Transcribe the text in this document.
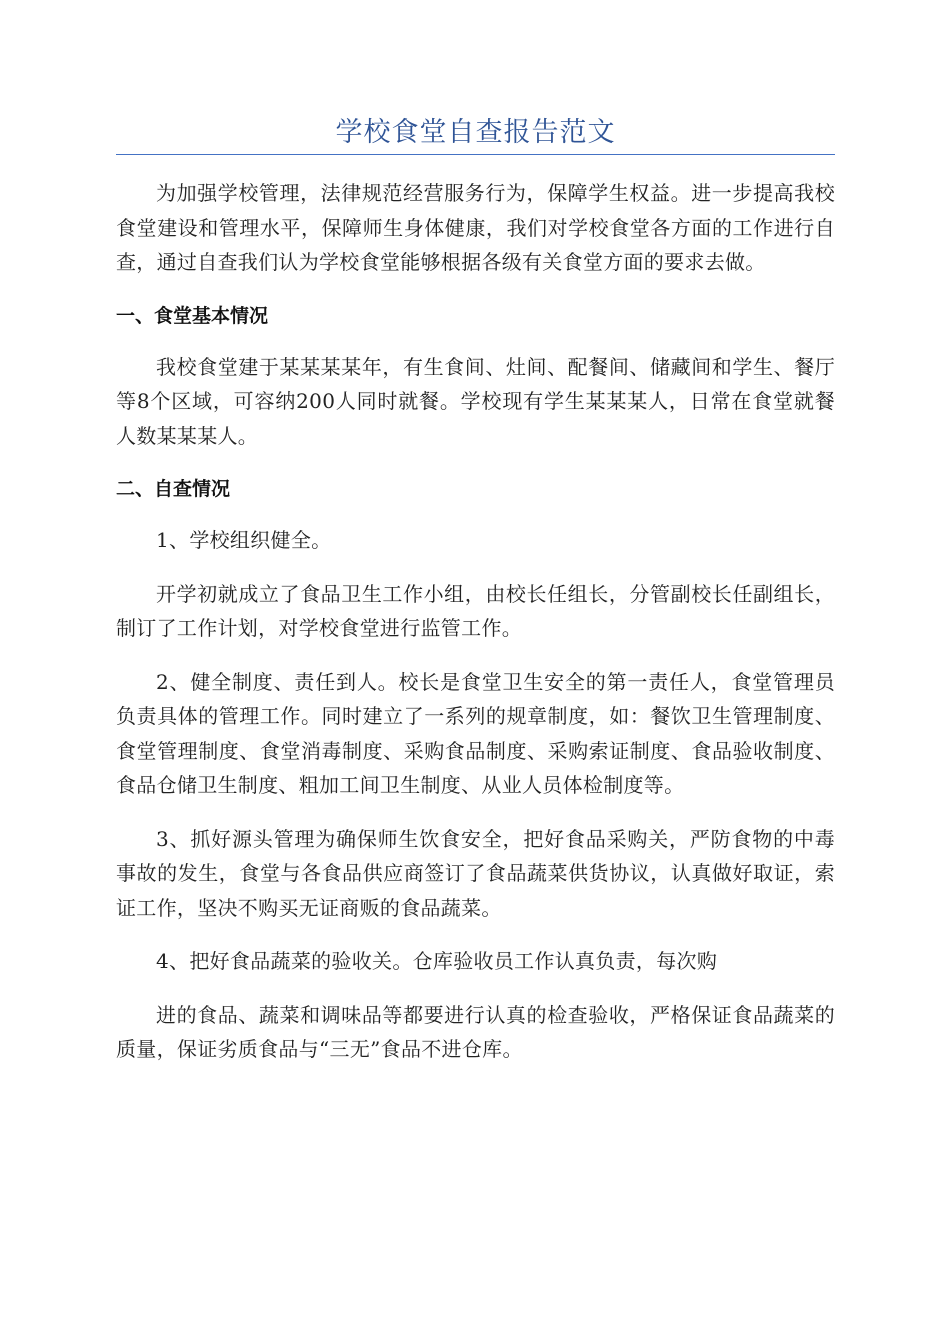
学校食堂自查报告范文

为加强学校管理，法律规范经营服务行为，保障学生权益。进一步提高我校食堂建设和管理水平，保障师生身体健康，我们对学校食堂各方面的工作进行自查，通过自查我们认为学校食堂能够根据各级有关食堂方面的要求去做。

一、食堂基本情况

我校食堂建于某某某某年，有生食间、灶间、配餐间、储藏间和学生、餐厅等8个区域，可容纳200人同时就餐。学校现有学生某某某人，日常在食堂就餐人数某某某人。

二、自查情况

1、学校组织健全。

开学初就成立了食品卫生工作小组，由校长任组长，分管副校长任副组长，制订了工作计划，对学校食堂进行监管工作。

2、健全制度、责任到人。校长是食堂卫生安全的第一责任人，食堂管理员负责具体的管理工作。同时建立了一系列的规章制度，如：餐饮卫生管理制度、食堂管理制度、食堂消毒制度、采购食品制度、采购索证制度、食品验收制度、食品仓储卫生制度、粗加工间卫生制度、从业人员体检制度等。

3、抓好源头管理为确保师生饮食安全，把好食品采购关，严防食物的中毒事故的发生，食堂与各食品供应商签订了食品蔬菜供货协议，认真做好取证，索证工作，坚决不购买无证商贩的食品蔬菜。

4、把好食品蔬菜的验收关。仓库验收员工作认真负责，每次购

进的食品、蔬菜和调味品等都要进行认真的检查验收，严格保证食品蔬菜的质量，保证劣质食品与“三无”食品不进仓库。
